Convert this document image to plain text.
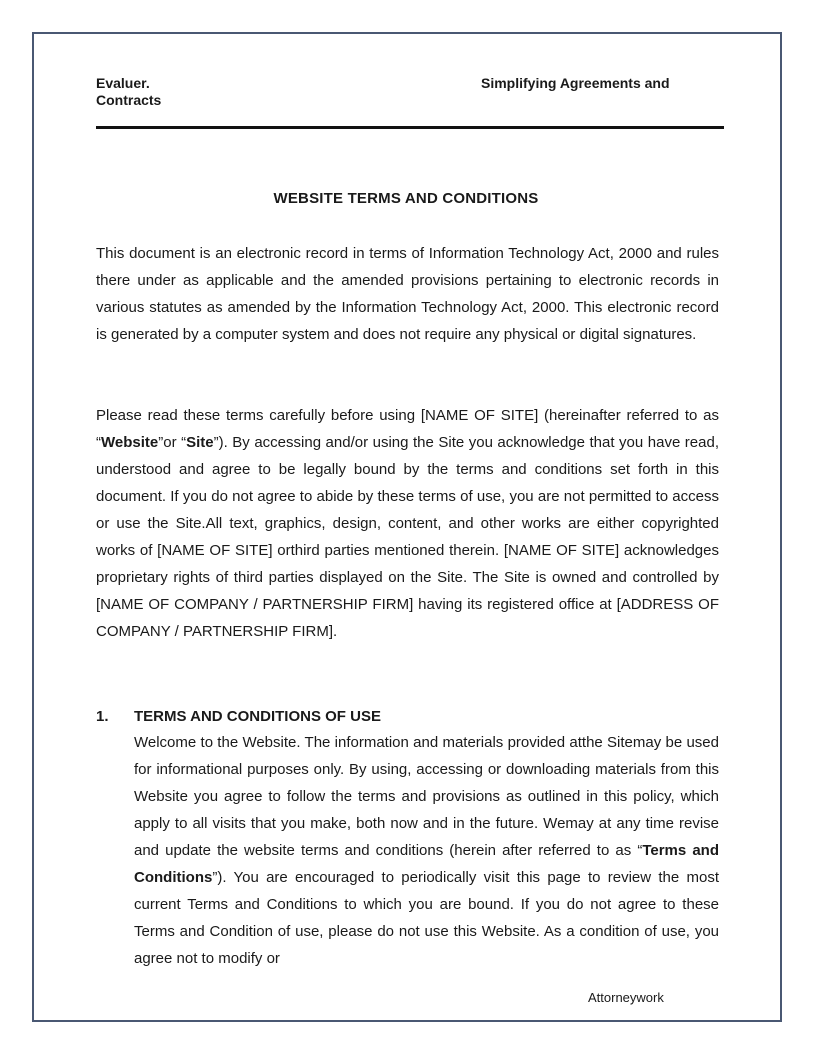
Evaluer.
Contracts
Simplifying Agreements and
WEBSITE TERMS AND CONDITIONS
This document is an electronic record in terms of Information Technology Act, 2000 and rules there under as applicable and the amended provisions pertaining to electronic records in various statutes as amended by the Information Technology Act, 2000. This electronic record is generated by a computer system and does not require any physical or digital signatures.
Please read these terms carefully before using [NAME OF SITE] (hereinafter referred to as “Website”or “Site”). By accessing and/or using the Site you acknowledge that you have read, understood and agree to be legally bound by the terms and conditions set forth in this document. If you do not agree to abide by these terms of use, you are not permitted to access or use the Site.All text, graphics, design, content, and other works are either copyrighted works of [NAME OF SITE] orthird parties mentioned therein. [NAME OF SITE] acknowledges proprietary rights of third parties displayed on the Site. The Site is owned and controlled by [NAME OF COMPANY / PARTNERSHIP FIRM] having its registered office at [ADDRESS OF COMPANY / PARTNERSHIP FIRM].
1. TERMS AND CONDITIONS OF USE
Welcome to the Website. The information and materials provided atthe Sitemay be used for informational purposes only. By using, accessing or downloading materials from this Website you agree to follow the terms and provisions as outlined in this policy, which apply to all visits that you make, both now and in the future. Wemay at any time revise and update the website terms and conditions (herein after referred to as “Terms and Conditions”). You are encouraged to periodically visit this page to review the most current Terms and Conditions to which you are bound. If you do not agree to these Terms and Condition of use, please do not use this Website. As a condition of use, you agree not to modify or
Attorneywork
